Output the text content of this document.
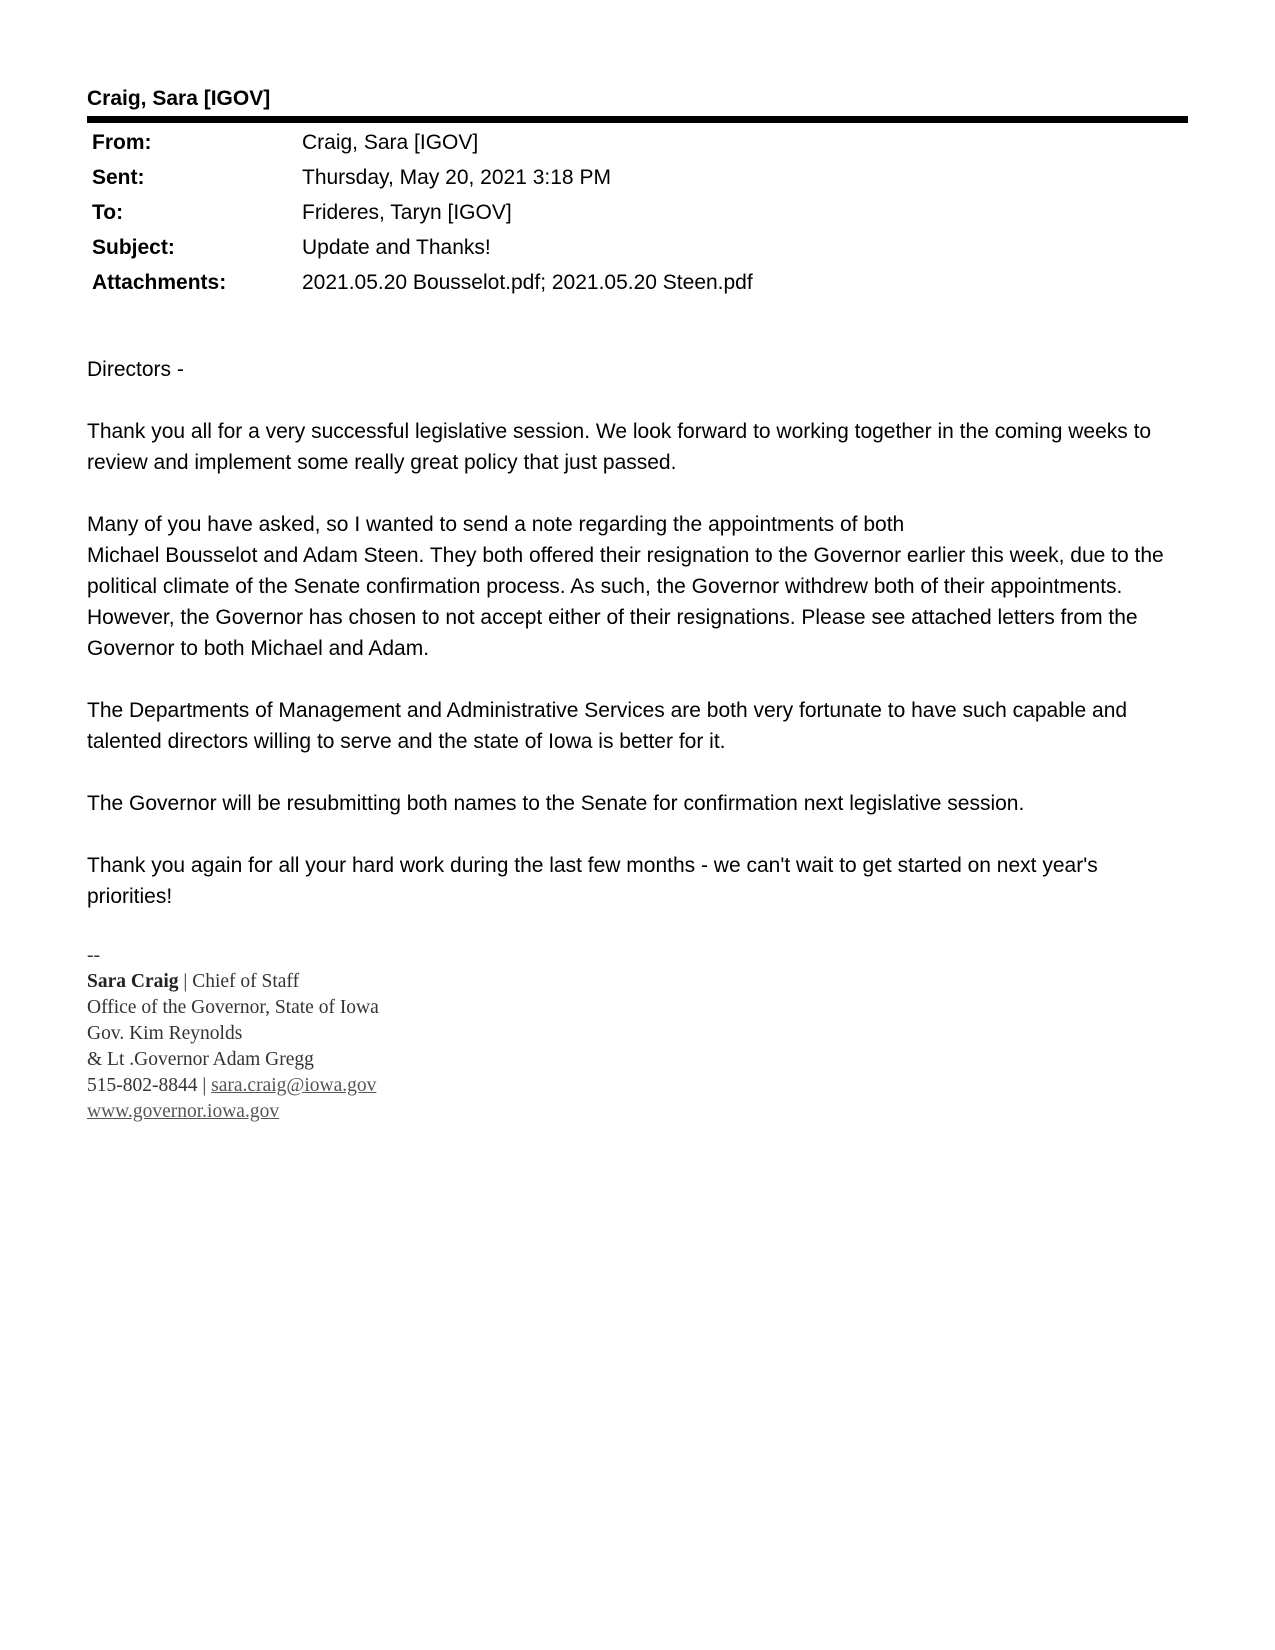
Craig, Sara [IGOV]
From:	Craig, Sara [IGOV]
Sent:	Thursday, May 20, 2021 3:18 PM
To:	Frideres, Taryn [IGOV]
Subject:	Update and Thanks!
Attachments:	2021.05.20 Bousselot.pdf; 2021.05.20 Steen.pdf

Directors -

Thank you all for a very successful legislative session. We look forward to working together in the coming weeks to review and implement some really great policy that just passed.

Many of you have asked, so I wanted to send a note regarding the appointments of both
Michael Bousselot and Adam Steen. They both offered their resignation to the Governor earlier this week, due to the political climate of the Senate confirmation process. As such, the Governor withdrew both of their appointments. However, the Governor has chosen to not accept either of their resignations. Please see attached letters from the Governor to both Michael and Adam.

The Departments of Management and Administrative Services are both very fortunate to have such capable and talented directors willing to serve and the state of Iowa is better for it.

The Governor will be resubmitting both names to the Senate for confirmation next legislative session.

Thank you again for all your hard work during the last few months - we can't wait to get started on next year's priorities!

--
Sara Craig | Chief of Staff
Office of the Governor, State of Iowa
Gov. Kim Reynolds
& Lt .Governor Adam Gregg
515-802-8844 | sara.craig@iowa.gov
www.governor.iowa.gov
